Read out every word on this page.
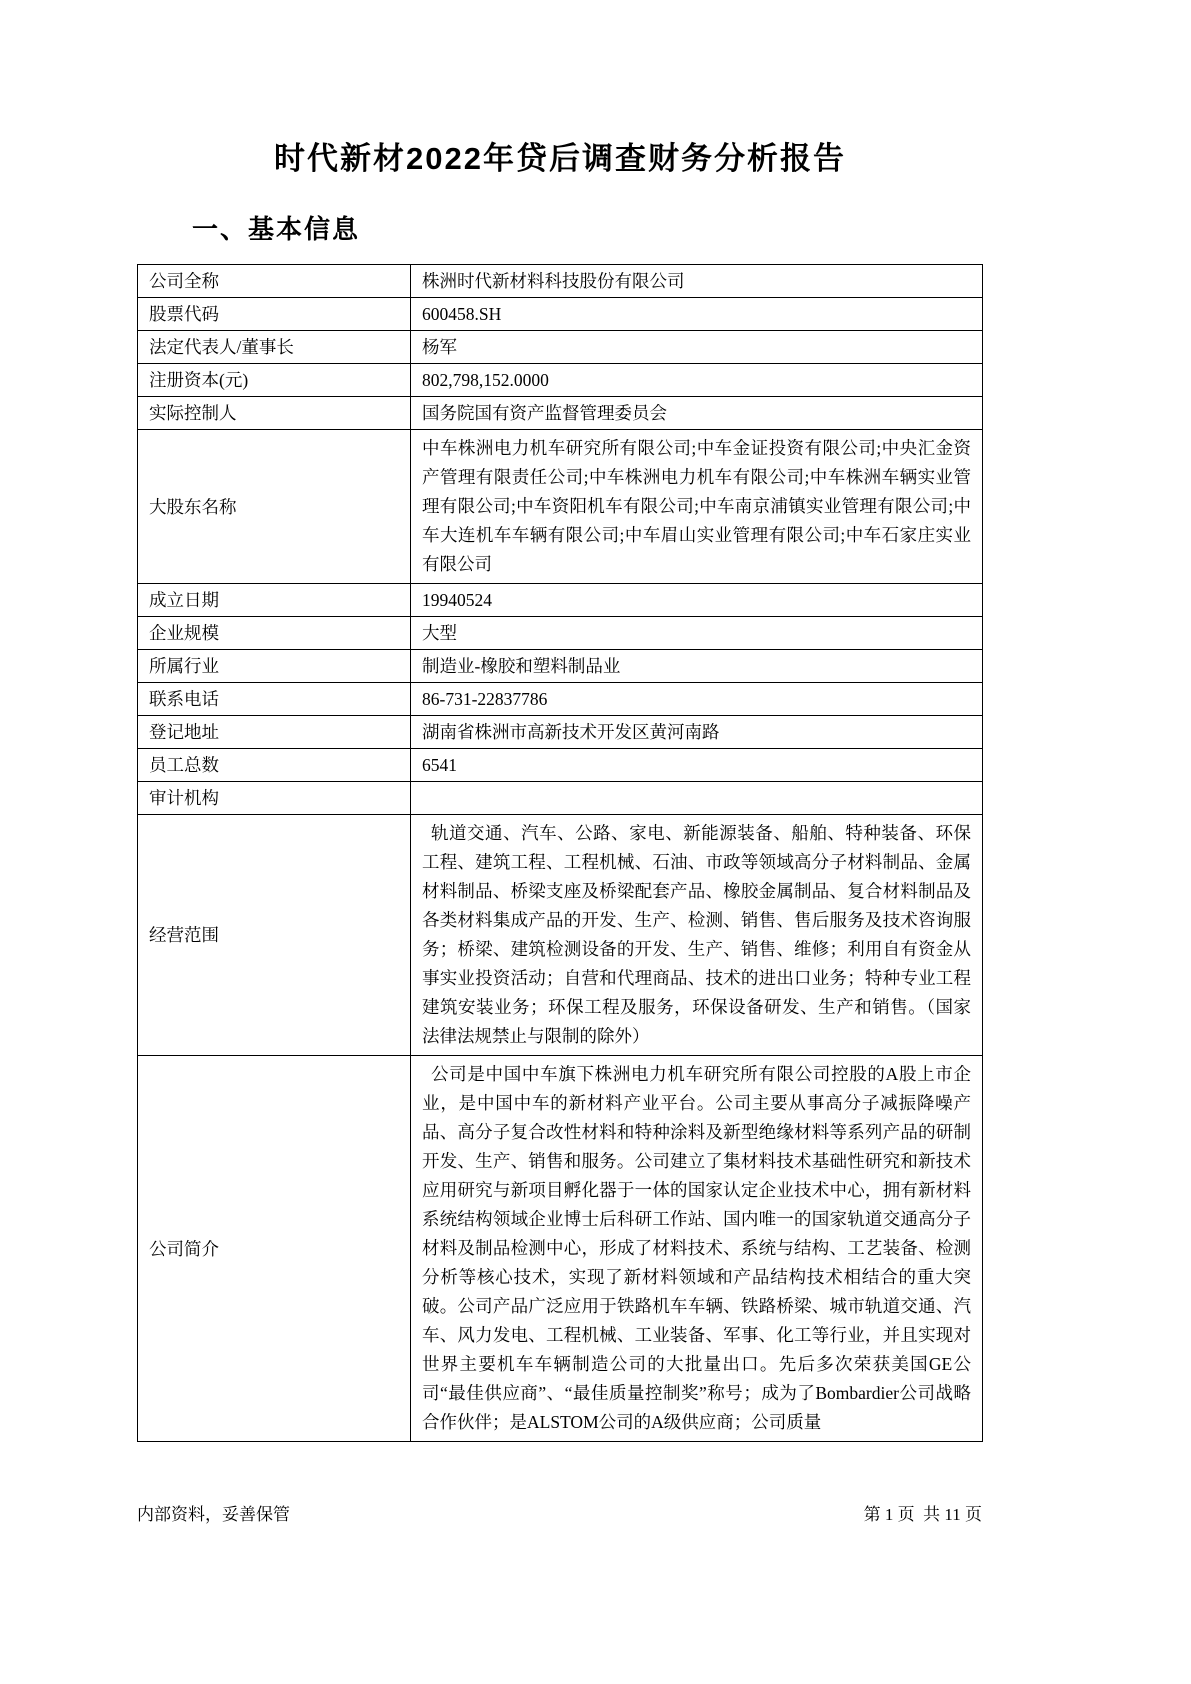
时代新材2022年贷后调查财务分析报告
一、基本信息
公司全称	株洲时代新材料科技股份有限公司
股票代码	600458.SH
法定代表人/董事长	杨军
注册资本(元)	802,798,152.0000
实际控制人	国务院国有资产监督管理委员会
大股东名称	中车株洲电力机车研究所有限公司;中车金证投资有限公司;中央汇金资产管理有限责任公司;中车株洲电力机车有限公司;中车株洲车辆实业管理有限公司;中车资阳机车有限公司;中车南京浦镇实业管理有限公司;中车大连机车车辆有限公司;中车眉山实业管理有限公司;中车石家庄实业有限公司
成立日期	19940524
企业规模	大型
所属行业	制造业-橡胶和塑料制品业
联系电话	86-731-22837786
登记地址	湖南省株洲市高新技术开发区黄河南路
员工总数	6541
审计机构	
经营范围	轨道交通、汽车、公路、家电、新能源装备、船舶、特种装备、环保工程、建筑工程、工程机械、石油、市政等领域高分子材料制品、金属材料制品、桥梁支座及桥梁配套产品、橡胶金属制品、复合材料制品及各类材料集成产品的开发、生产、检测、销售、售后服务及技术咨询服务；桥梁、建筑检测设备的开发、生产、销售、维修；利用自有资金从事实业投资活动；自营和代理商品、技术的进出口业务；特种专业工程建筑安装业务；环保工程及服务，环保设备研发、生产和销售。（国家法律法规禁止与限制的除外）
公司简介	公司是中国中车旗下株洲电力机车研究所有限公司控股的A股上市企业，是中国中车的新材料产业平台。公司主要从事高分子减振降噪产品、高分子复合改性材料和特种涂料及新型绝缘材料等系列产品的研制开发、生产、销售和服务。公司建立了集材料技术基础性研究和新技术应用研究与新项目孵化器于一体的国家认定企业技术中心，拥有新材料系统结构领域企业博士后科研工作站、国内唯一的国家轨道交通高分子材料及制品检测中心，形成了材料技术、系统与结构、工艺装备、检测分析等核心技术，实现了新材料领域和产品结构技术相结合的重大突破。公司产品广泛应用于铁路机车车辆、铁路桥梁、城市轨道交通、汽车、风力发电、工程机械、工业装备、军事、化工等行业，并且实现对世界主要机车车辆制造公司的大批量出口。先后多次荣获美国GE公司“最佳供应商”、“最佳质量控制奖”称号；成为了Bombardier公司战略合作伙伴；是ALSTOM公司的A级供应商；公司质量
内部资料，妥善保管	第 1 页  共 11 页
